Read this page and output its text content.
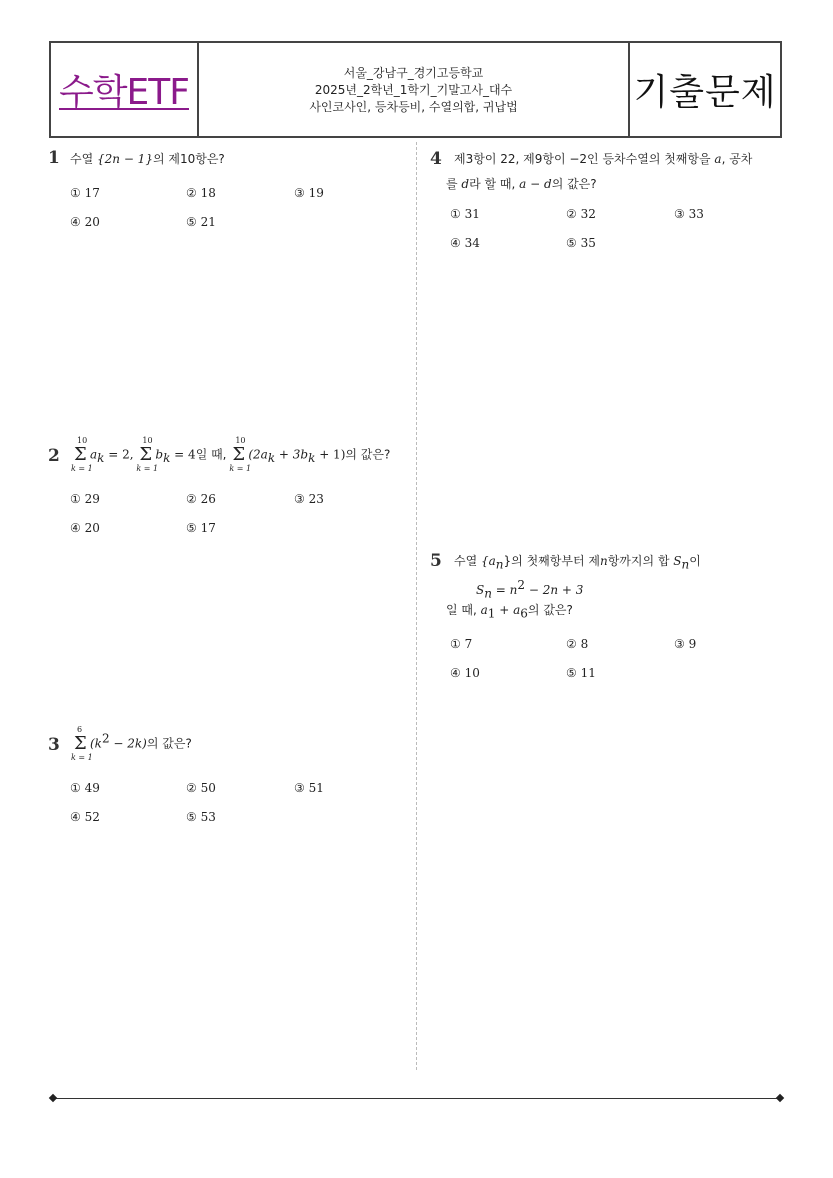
수학ETF	서울_강남구_경기고등학교
2025년_2학년_1학기_기말고사_대수
사인코사인, 등차등비, 수열의합, 귀납법	기출문제
1 수열 {2n − 1}의 제10항은?
① 17	② 18	③ 19
④ 20	⑤ 21
2
10
Σ
k = 1
$a_k = 2$,
10
Σ
k = 1
$b_k = 4$일 때,
10
Σ
k = 1
$(2a_k + 3b_k + 1)$의 값은?
① 29	② 26	③ 23
④ 20	⑤ 17
3
6
Σ
k = 1
$(k^2 - 2k)$의 값은?
① 49	② 50	③ 51
④ 52	⑤ 53
4 제3항이 22, 제9항이 −2인 등차수열의 첫째항을 a, 공차
를 d라 할 때, a − d의 값은?
① 31	② 32	③ 33
④ 34	⑤ 35
5 수열 $\{a_n\}$의 첫째항부터 제n항까지의 합 $S_n$이
$S_n = n^2 - 2n + 3$
일 때, $a_1 + a_6$의 값은?
① 7	② 8	③ 9
④ 10	⑤ 11
